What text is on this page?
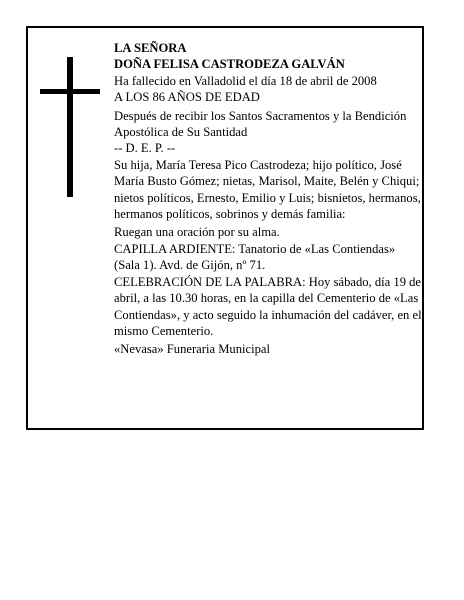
LA SEÑORA

DOÑA FELISA CASTRODEZA GALVÁN

Ha fallecido en Valladolid el día 18 de abril de 2008

A LOS 86 AÑOS DE EDAD

Después de recibir los Santos Sacramentos y la Bendición Apostólica de Su Santidad

-- D. E. P. --

Su hija, María Teresa Pico Castrodeza; hijo político, José María Busto Gómez; nietas, Marisol, Maite, Belén y Chiqui; nietos políticos, Ernesto, Emilio y Luis; bisnietos, hermanos, hermanos políticos, sobrinos y demás familia:

Ruegan una oración por su alma.

CAPILLA ARDIENTE: Tanatorio de «Las Contiendas» (Sala 1). Avd. de Gijón, nº 71.

CELEBRACIÓN DE LA PALABRA: Hoy sábado, día 19 de abril, a las 10.30 horas, en la capilla del Cementerio de «Las Contiendas», y acto seguido la inhumación del cadáver, en el mismo Cementerio.

«Nevasa» Funeraria Municipal
